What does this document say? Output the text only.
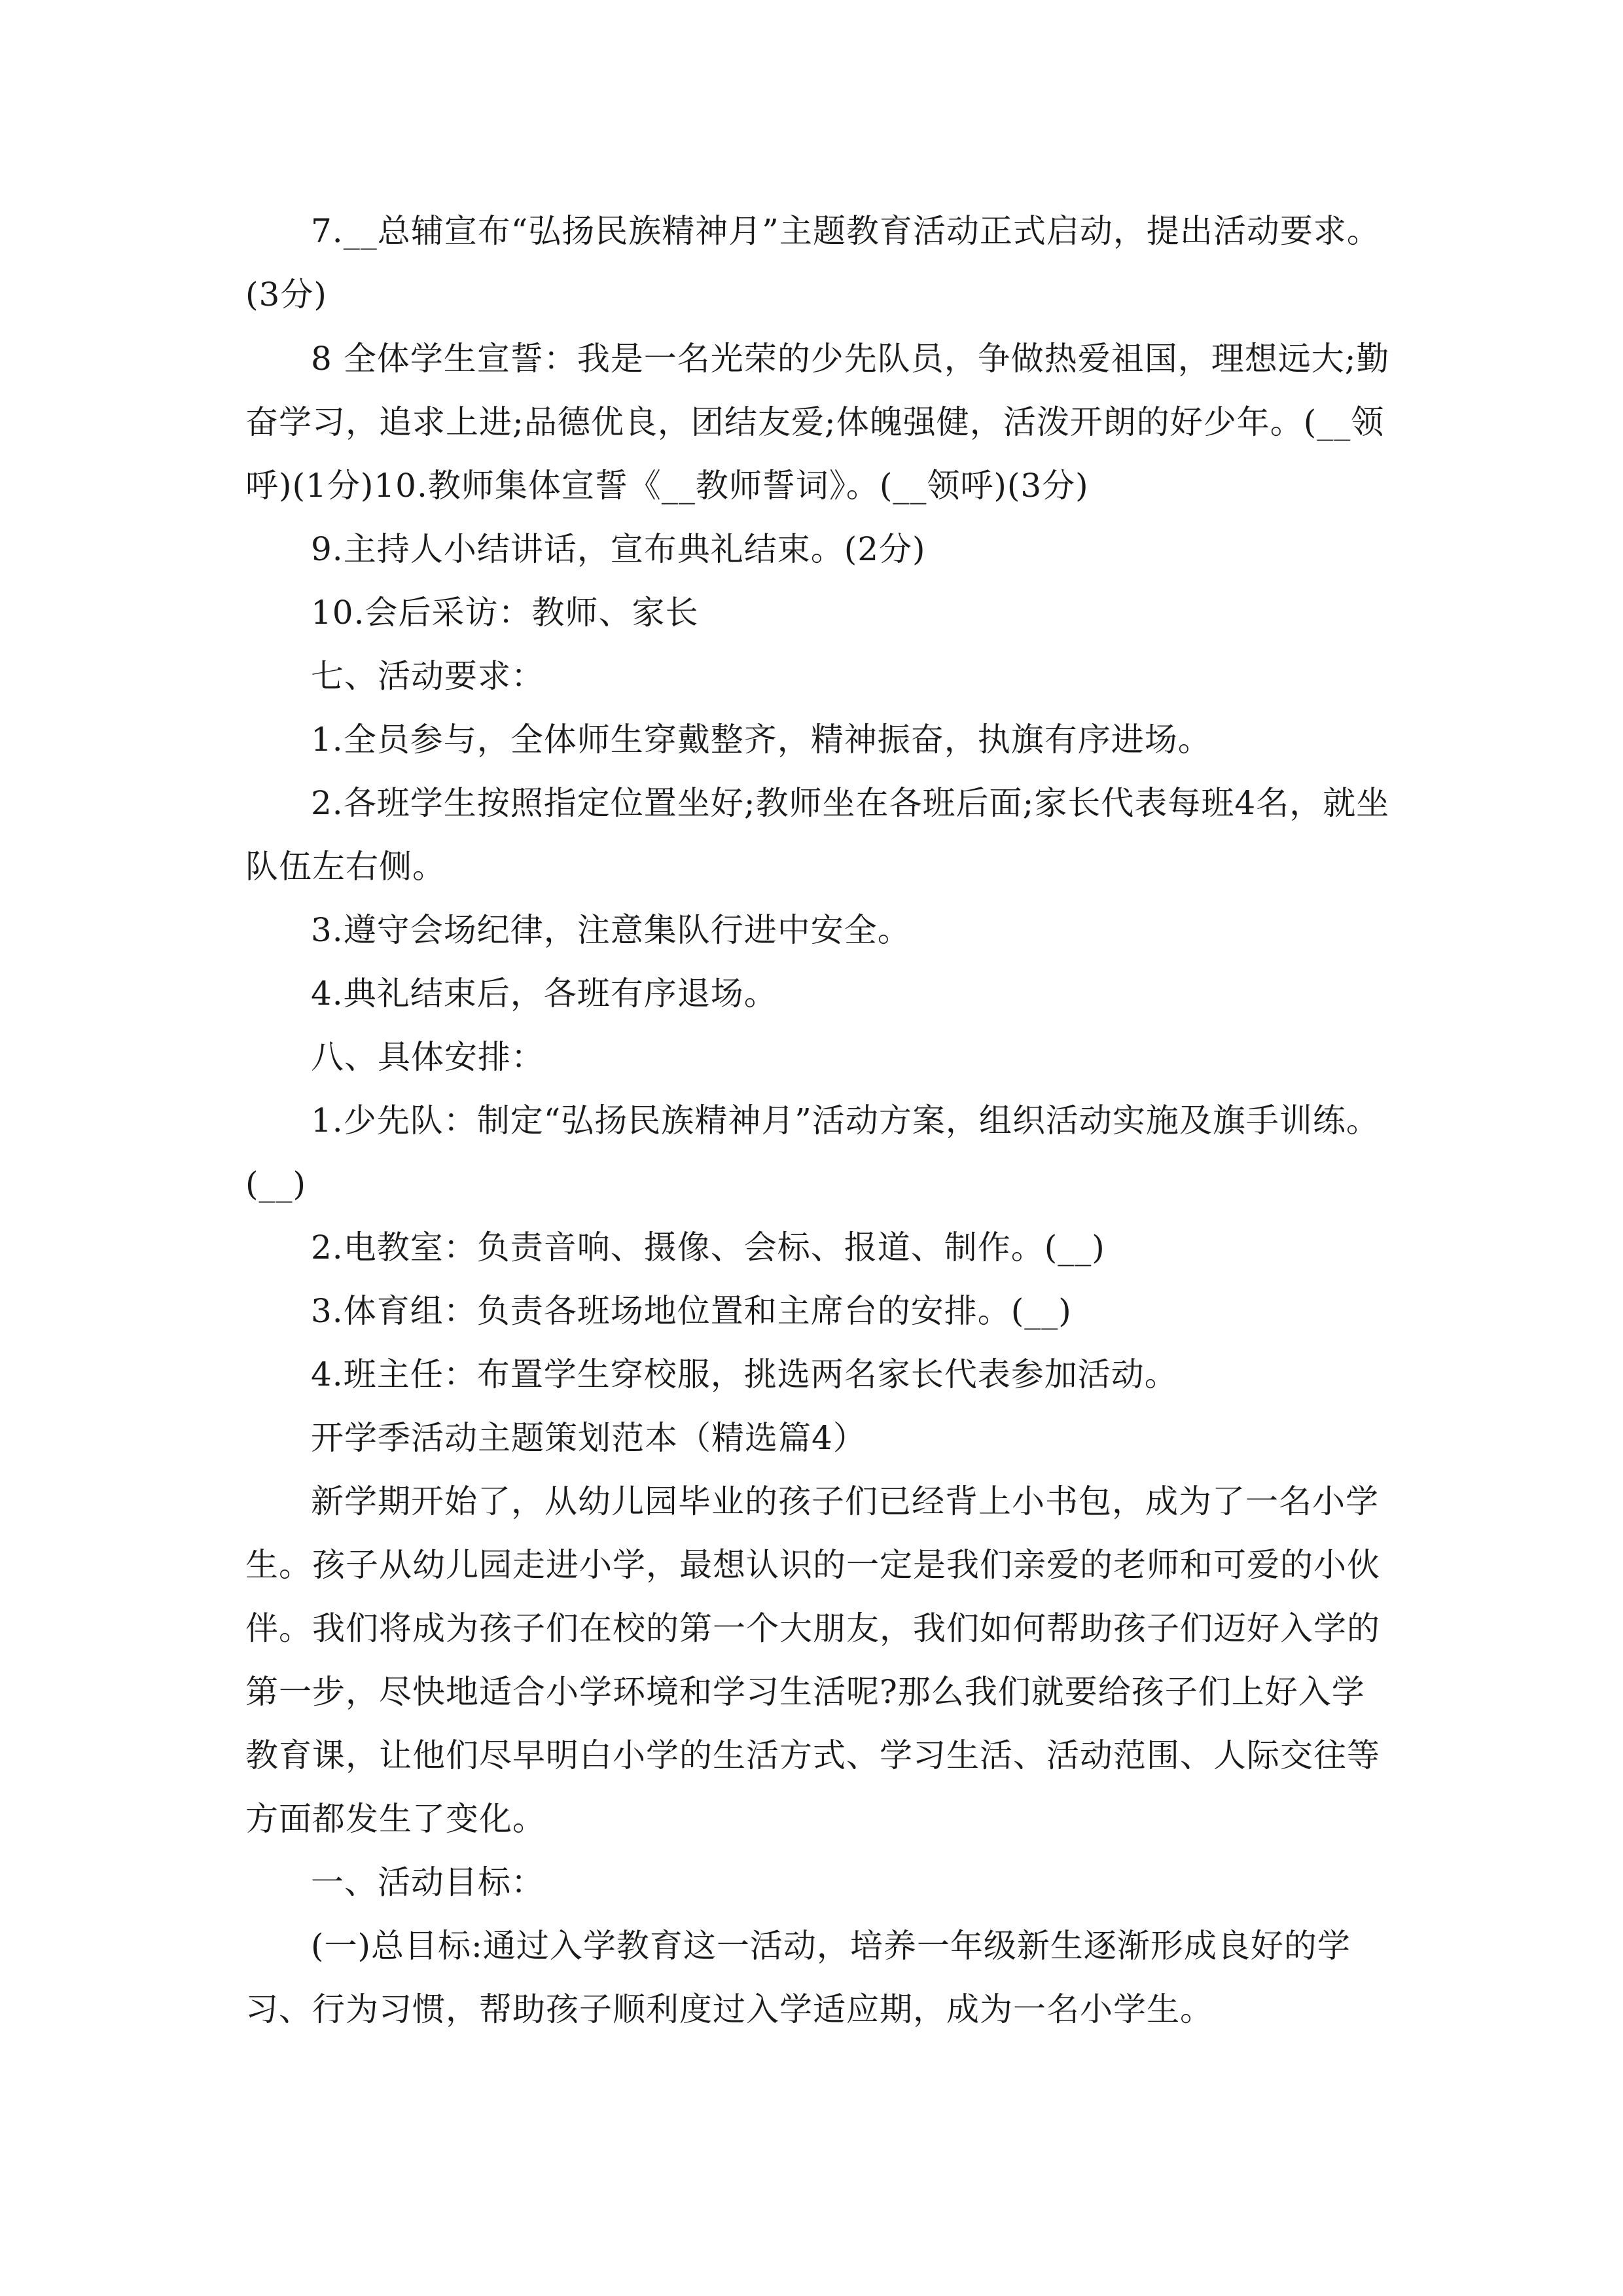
7.__总辅宣布“弘扬民族精神月”主题教育活动正式启动，提出活动要求。(3分)

8 全体学生宣誓：我是一名光荣的少先队员，争做热爱祖国，理想远大;勤奋学习，追求上进;品德优良，团结友爱;体魄强健，活泼开朗的好少年。(__领呼)(1分)10.教师集体宣誓《__教师誓词》。(__领呼)(3分)

9.主持人小结讲话，宣布典礼结束。(2分)

10.会后采访：教师、家长

七、活动要求：

1.全员参与，全体师生穿戴整齐，精神振奋，执旗有序进场。

2.各班学生按照指定位置坐好;教师坐在各班后面;家长代表每班4名，就坐队伍左右侧。

3.遵守会场纪律，注意集队行进中安全。

4.典礼结束后，各班有序退场。

八、具体安排：

1.少先队：制定“弘扬民族精神月”活动方案，组织活动实施及旗手训练。(__)

2.电教室：负责音响、摄像、会标、报道、制作。(__)

3.体育组：负责各班场地位置和主席台的安排。(__)

4.班主任：布置学生穿校服，挑选两名家长代表参加活动。

开学季活动主题策划范本（精选篇4）

新学期开始了，从幼儿园毕业的孩子们已经背上小书包，成为了一名小学生。孩子从幼儿园走进小学，最想认识的一定是我们亲爱的老师和可爱的小伙伴。我们将成为孩子们在校的第一个大朋友，我们如何帮助孩子们迈好入学的第一步，尽快地适合小学环境和学习生活呢?那么我们就要给孩子们上好入学教育课，让他们尽早明白小学的生活方式、学习生活、活动范围、人际交往等方面都发生了变化。

一、活动目标：

(一)总目标:通过入学教育这一活动，培养一年级新生逐渐形成良好的学习、行为习惯，帮助孩子顺利度过入学适应期，成为一名小学生。
